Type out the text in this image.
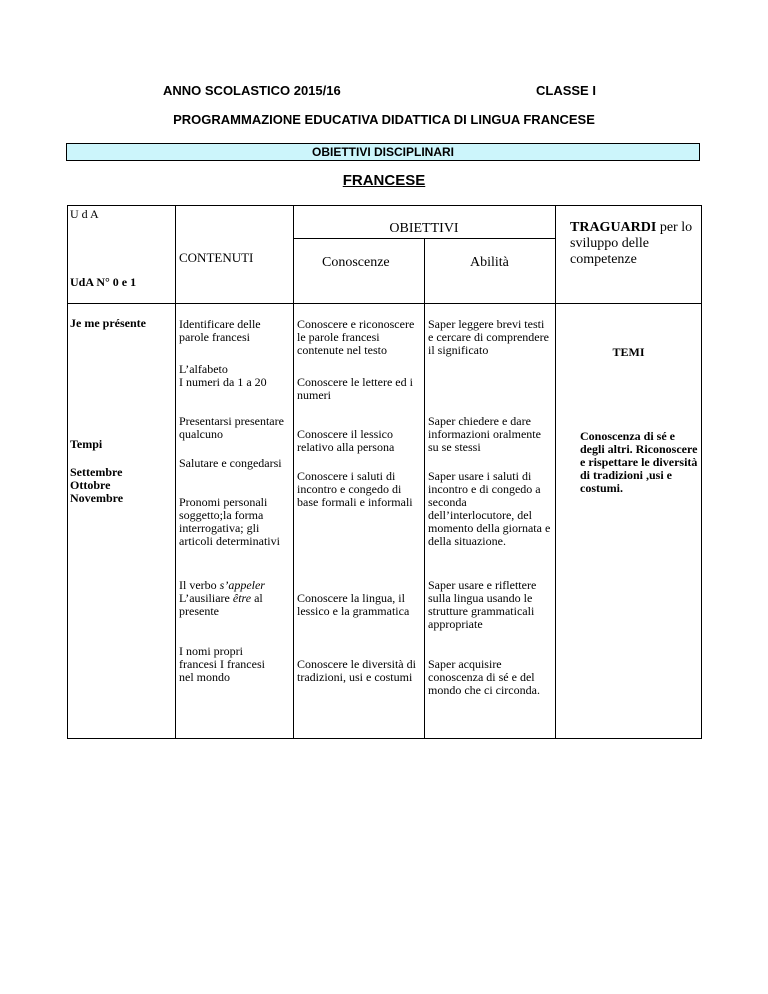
ANNO SCOLASTICO 2015/16	CLASSE I
PROGRAMMAZIONE EDUCATIVA DIDATTICA DI LINGUA FRANCESE
OBIETTIVI DISCIPLINARI
FRANCESE
U d A
CONTENUTI
OBIETTIVI
Conoscenze	Abilità
TRAGUARDI per lo sviluppo delle competenze
UdA N° 0 e 1
Je me présente
Tempi
Settembre
Ottobre
Novembre
Identificare delle parole francesi
L’alfabeto
I numeri da 1 a 20
Presentarsi presentare qualcuno
Salutare e congedarsi
Pronomi personali soggetto;la forma interrogativa; gli articoli determinativi
Il verbo s’appeler
L’ausiliare être al presente
I nomi propri francesi I francesi nel mondo
Conoscere e riconoscere le parole francesi contenute nel testo
Conoscere le lettere ed i numeri
Conoscere il lessico relativo alla persona
Conoscere i saluti di incontro e congedo di base formali e informali
Conoscere la lingua, il lessico e la grammatica
Conoscere le diversità di tradizioni, usi e costumi
Saper leggere brevi testi e cercare di comprendere il significato
Saper chiedere e dare informazioni oralmente su se stessi
Saper usare i saluti di incontro e di congedo a seconda dell’interlocutore, del momento della giornata e della situazione.
Saper usare e riflettere sulla lingua usando le strutture grammaticali appropriate
Saper acquisire conoscenza di sé e del mondo che ci circonda.
TEMI
Conoscenza di sé e degli altri. Riconoscere e rispettare le diversità di tradizioni ,usi e costumi.
